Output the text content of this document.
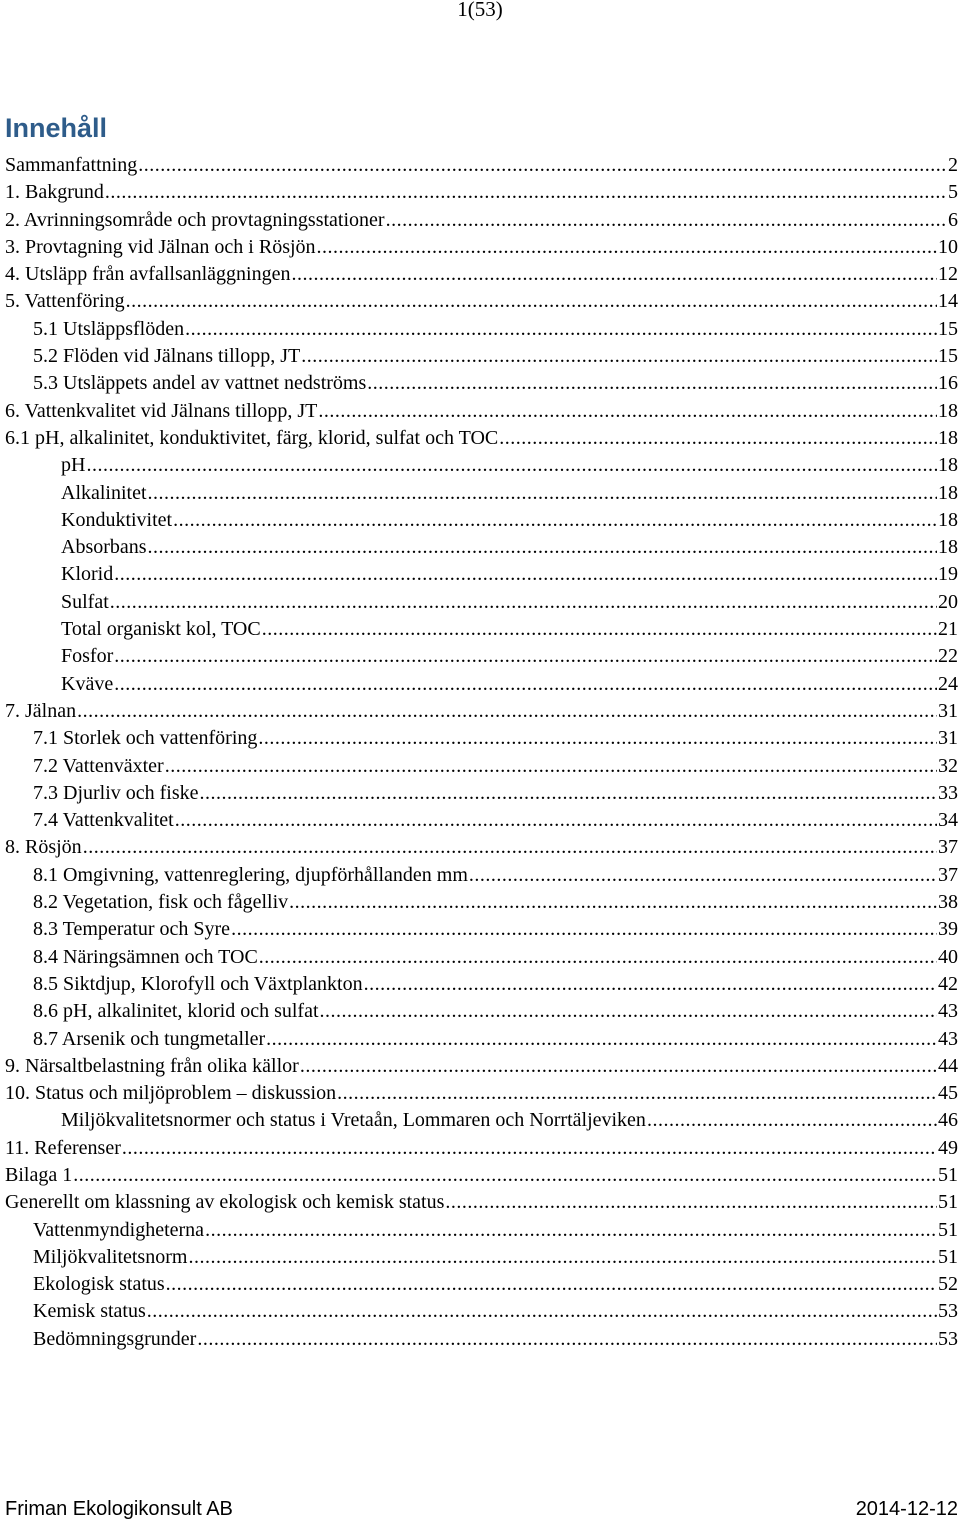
1(53)
Innehåll
Sammanfattning .....	2
1. Bakgrund .....	5
2. Avrinningsområde och provtagningsstationer .....	6
3. Provtagning vid Jälnan och i Rösjön .....	10
4. Utsläpp från avfallsanläggningen .....	12
5. Vattenföring .....	14
5.1 Utsläppsflöden .....	15
5.2 Flöden vid Jälnans tillopp, JT .....	15
5.3 Utsläppets andel av vattnet nedströms .....	16
6. Vattenkvalitet vid Jälnans tillopp, JT .....	18
6.1 pH, alkalinitet, konduktivitet, färg, klorid, sulfat och TOC .....	18
pH .....	18
Alkalinitet .....	18
Konduktivitet .....	18
Absorbans .....	18
Klorid .....	19
Sulfat .....	20
Total organiskt kol, TOC .....	21
Fosfor .....	22
Kväve .....	24
7. Jälnan .....	31
7.1 Storlek och vattenföring .....	31
7.2 Vattenväxter .....	32
7.3 Djurliv och fiske .....	33
7.4 Vattenkvalitet .....	34
8. Rösjön .....	37
8.1 Omgivning, vattenreglering, djupförhållanden mm .....	37
8.2 Vegetation, fisk och fågelliv .....	38
8.3 Temperatur och Syre .....	39
8.4 Näringsämnen och TOC .....	40
8.5 Siktdjup, Klorofyll och Växtplankton .....	42
8.6 pH, alkalinitet, klorid och sulfat .....	43
8.7 Arsenik och tungmetaller .....	43
9. Närsaltbelastning från olika källor .....	44
10. Status och miljöproblem – diskussion .....	45
Miljökvalitetsnormer och status i Vretaån, Lommaren och Norrtäljeviken .....	46
11. Referenser .....	49
Bilaga 1 .....	51
Generellt om klassning av ekologisk och kemisk status .....	51
Vattenmyndigheterna .....	51
Miljökvalitetsnorm .....	51
Ekologisk status .....	52
Kemisk status .....	53
Bedömningsgrunder .....	53
Friman Ekologikonsult AB	2014-12-12
